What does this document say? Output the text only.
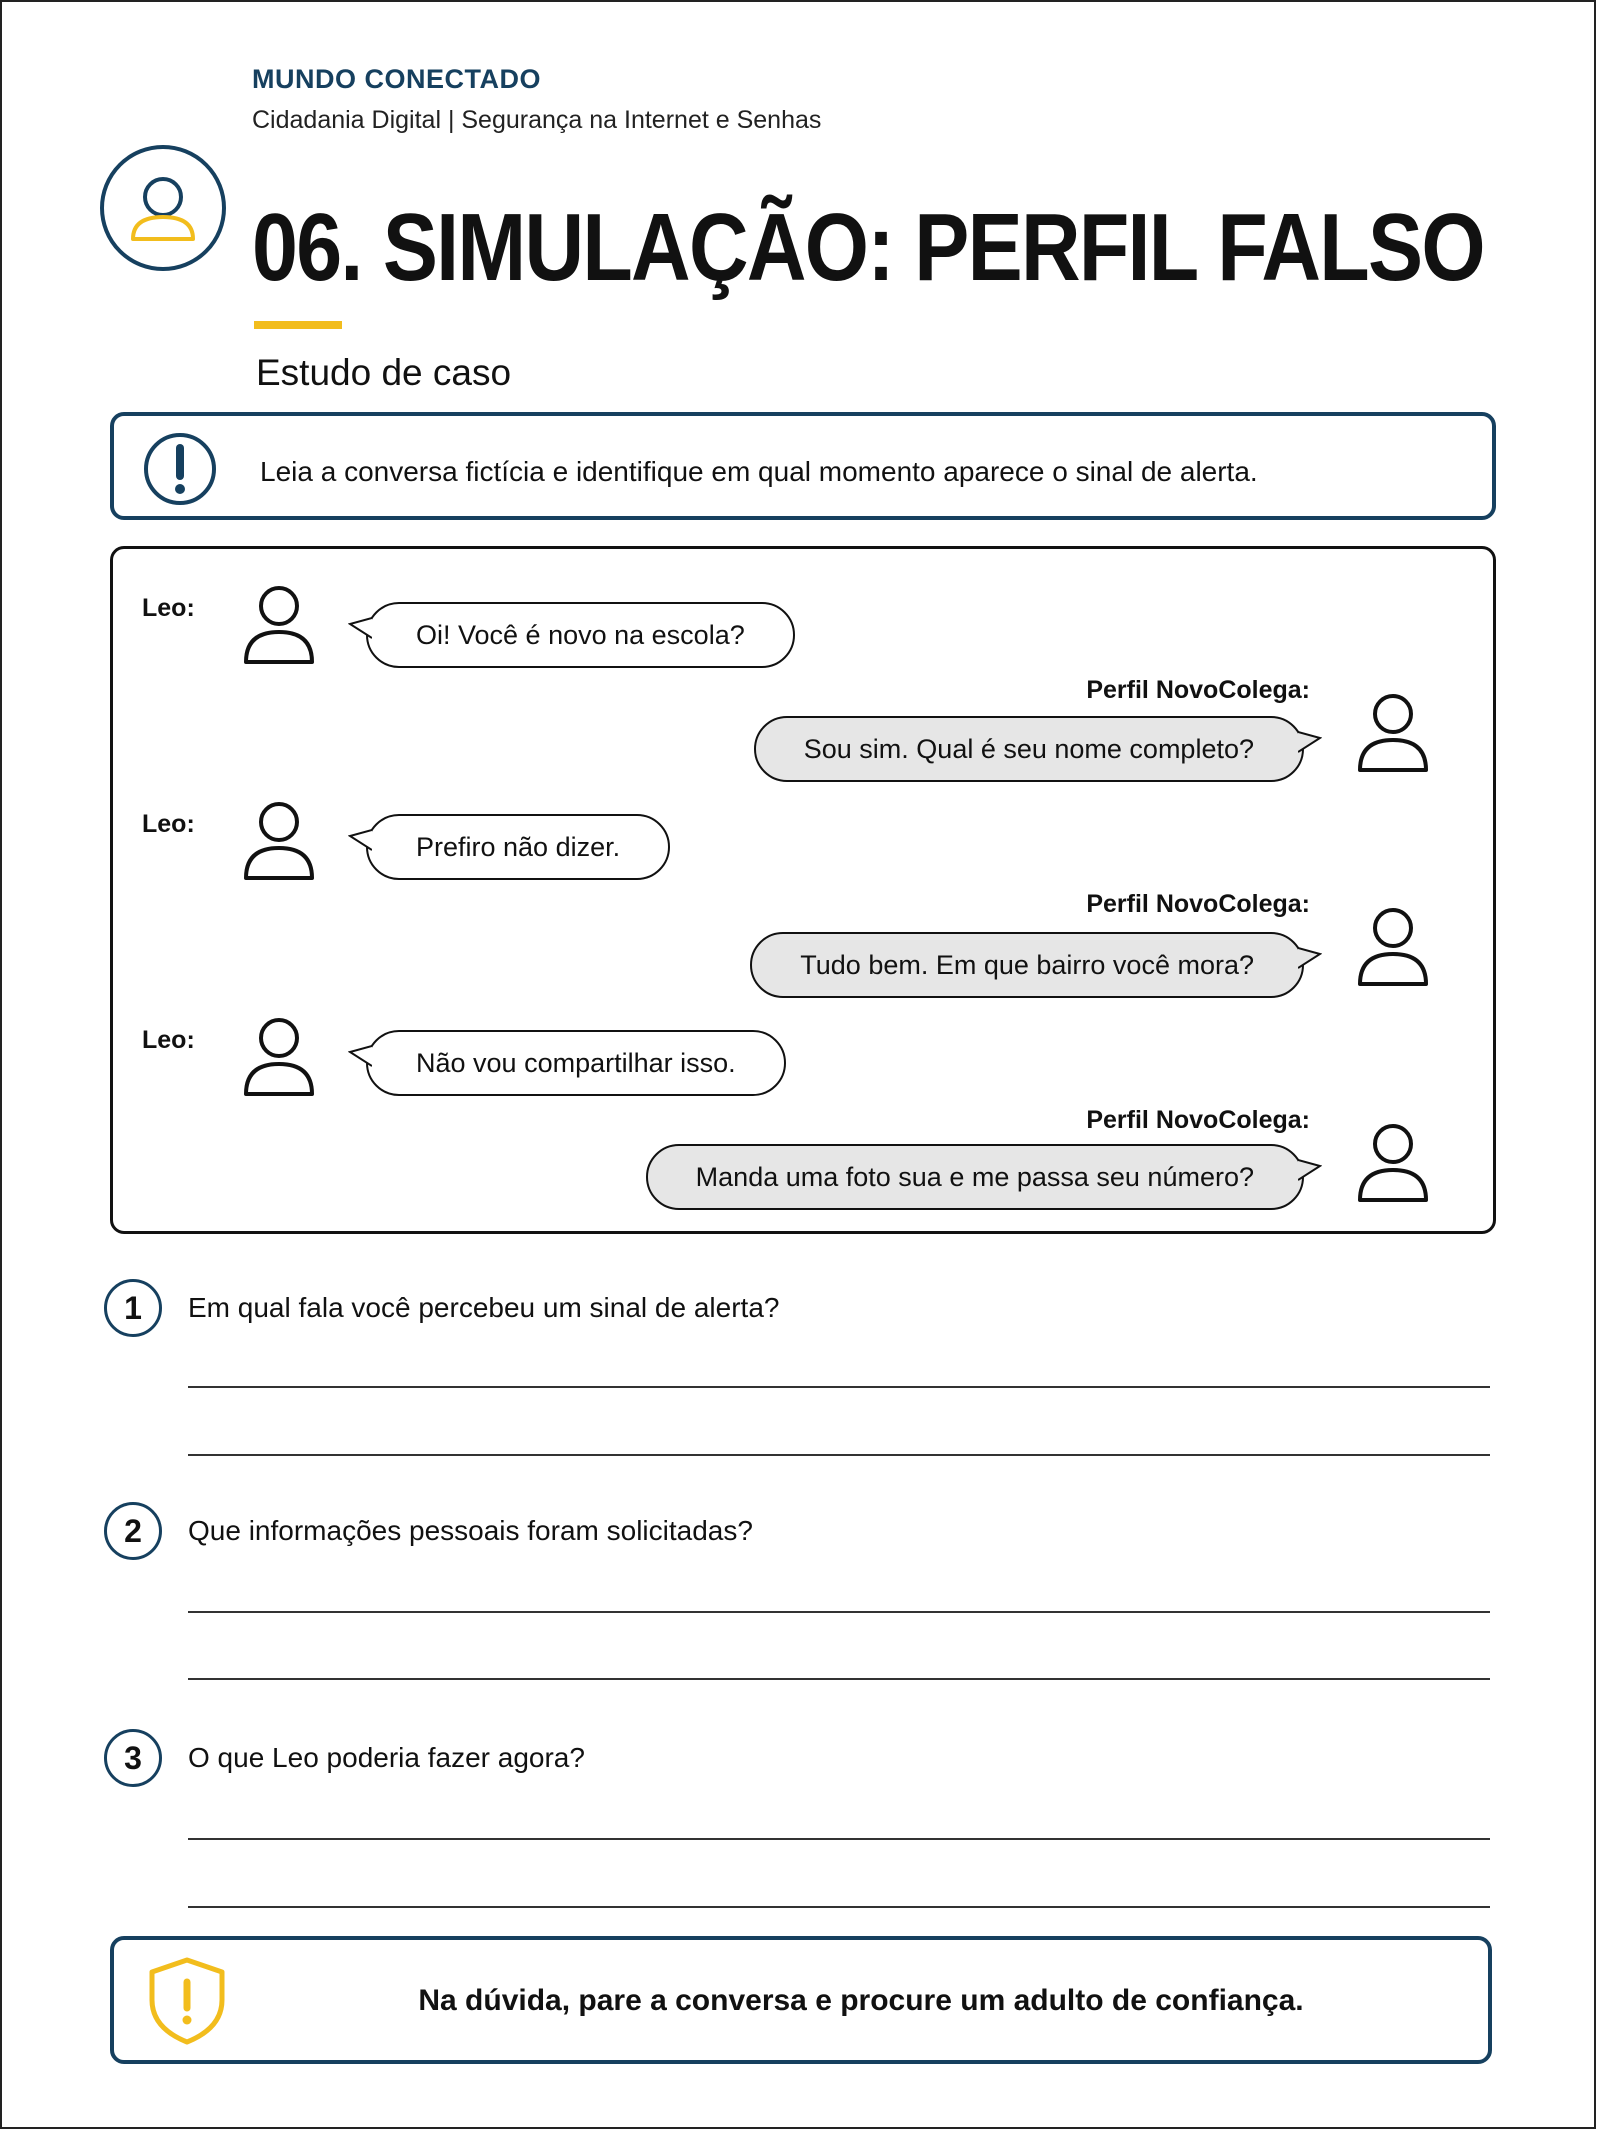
MUNDO CONECTADO
Cidadania Digital | Segurança na Internet e Senhas
06. SIMULAÇÃO: PERFIL FALSO
Estudo de caso
Leia a conversa fictícia e identifique em qual momento aparece o sinal de alerta.
Leo:
Oi! Você é novo na escola?
Perfil NovoColega:
Sou sim. Qual é seu nome completo?
Leo:
Prefiro não dizer.
Perfil NovoColega:
Tudo bem. Em que bairro você mora?
Leo:
Não vou compartilhar isso.
Perfil NovoColega:
Manda uma foto sua e me passa seu número?
1	Em qual fala você percebeu um sinal de alerta?
2	Que informações pessoais foram solicitadas?
3	O que Leo poderia fazer agora?
Na dúvida, pare a conversa e procure um adulto de confiança.
